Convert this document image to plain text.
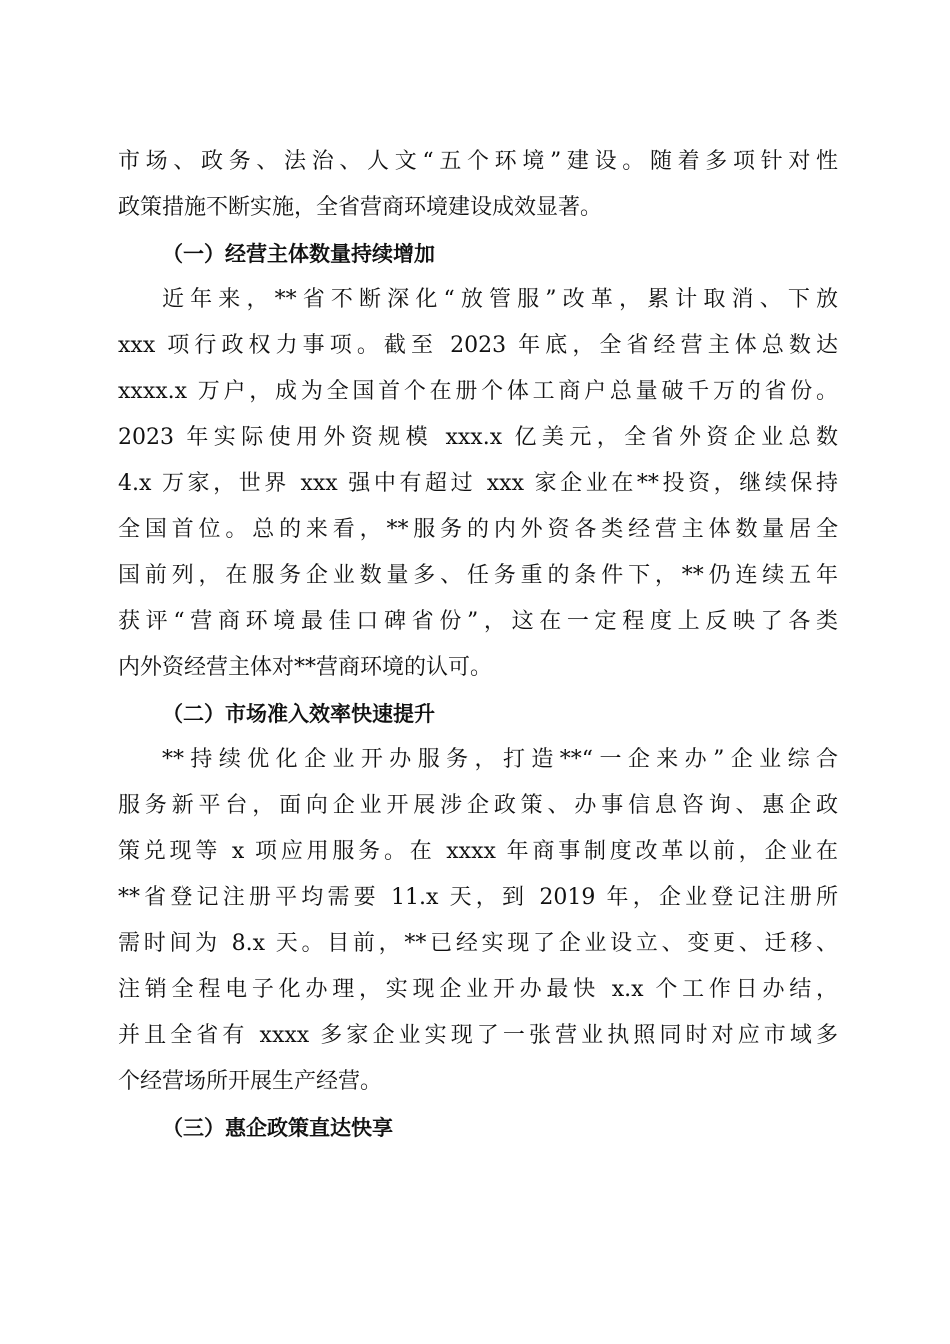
市场、政务、法治、人文“五个环境”建设。随着多项针对性
政策措施不断实施，全省营商环境建设成效显著。
（一）经营主体数量持续增加
近年来，**省不断深化“放管服”改革，累计取消、下放
xxx 项行政权力事项。截至 2023 年底，全省经营主体总数达
xxxx.x 万户，成为全国首个在册个体工商户总量破千万的省份。
2023 年实际使用外资规模 xxx.x 亿美元，全省外资企业总数
4.x 万家，世界 xxx 强中有超过 xxx 家企业在**投资，继续保持
全国首位。总的来看，**服务的内外资各类经营主体数量居全
国前列，在服务企业数量多、任务重的条件下，**仍连续五年
获评“营商环境最佳口碑省份”，这在一定程度上反映了各类
内外资经营主体对**营商环境的认可。
（二）市场准入效率快速提升
**持续优化企业开办服务，打造**“一企来办”企业综合
服务新平台，面向企业开展涉企政策、办事信息咨询、惠企政
策兑现等 x 项应用服务。在 xxxx 年商事制度改革以前，企业在
**省登记注册平均需要 11.x 天，到 2019 年，企业登记注册所
需时间为 8.x 天。目前，**已经实现了企业设立、变更、迁移、
注销全程电子化办理，实现企业开办最快 x.x 个工作日办结，
并且全省有 xxxx 多家企业实现了一张营业执照同时对应市域多
个经营场所开展生产经营。
（三）惠企政策直达快享
